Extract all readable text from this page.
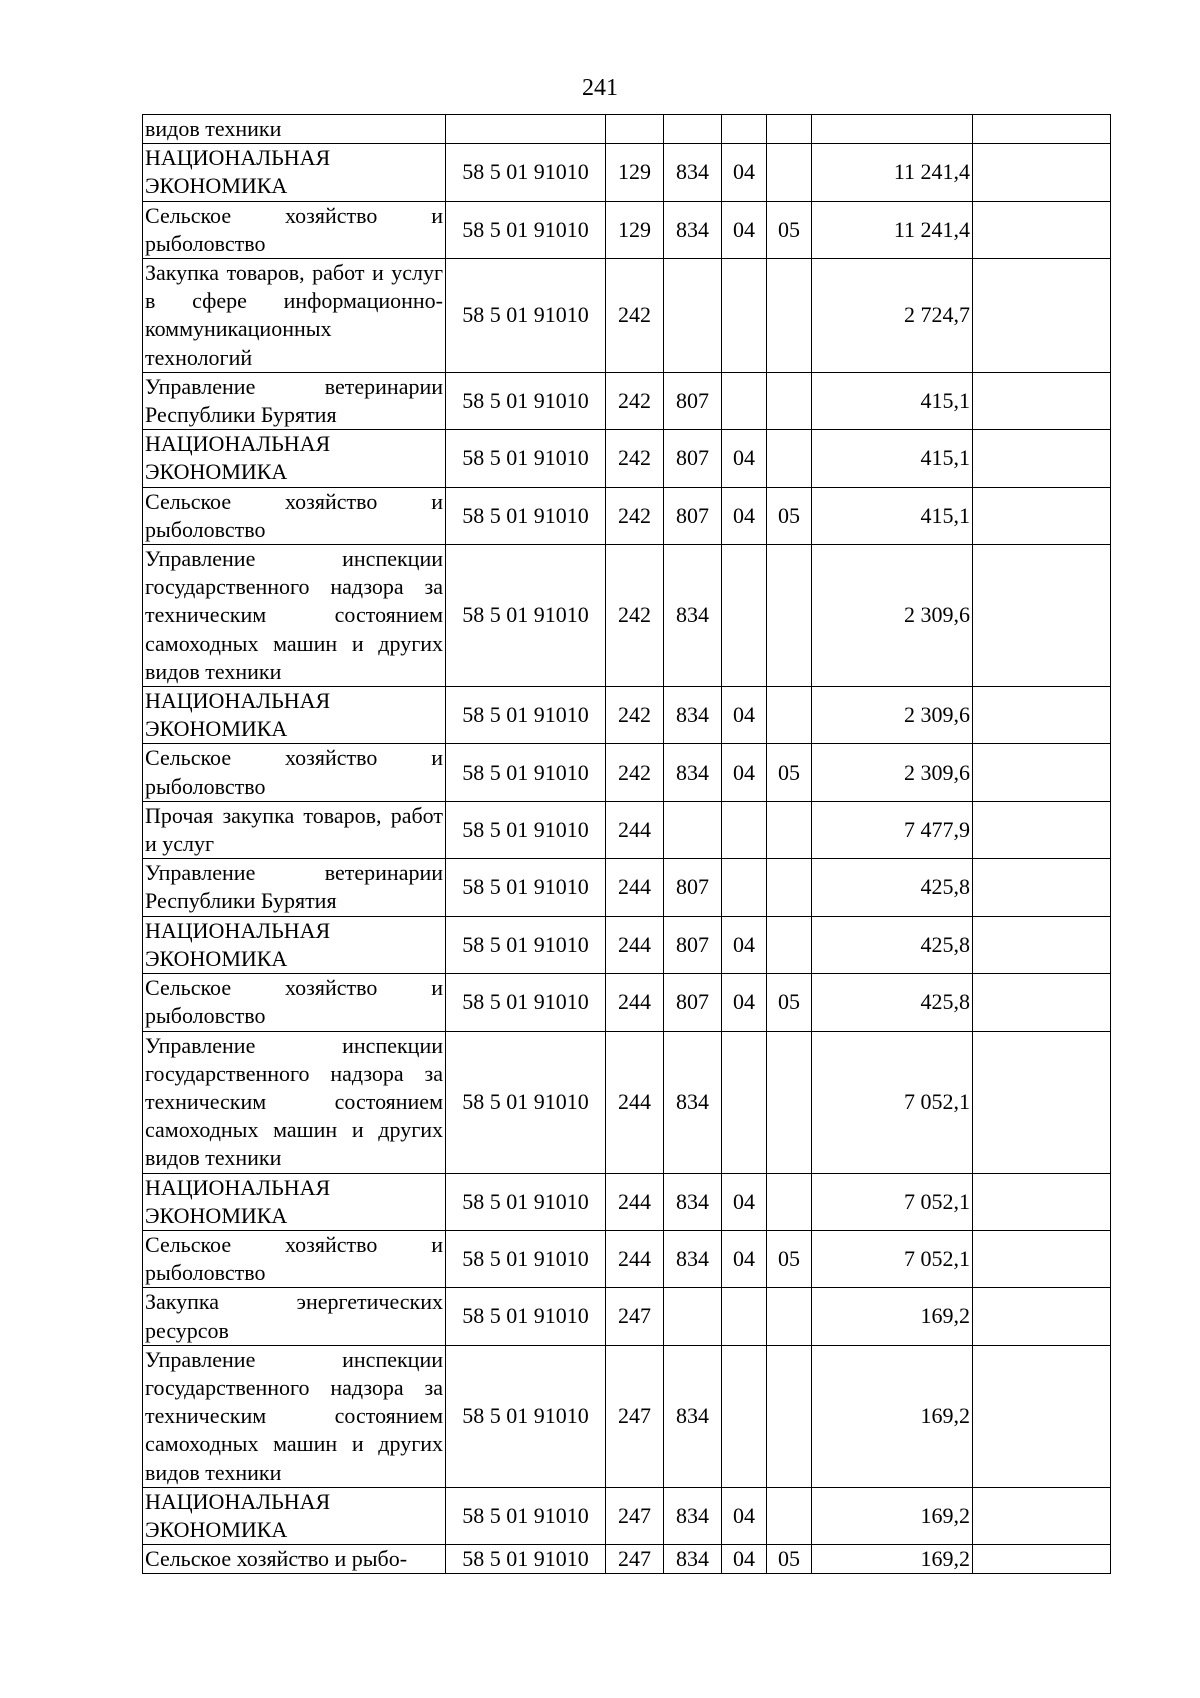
241
видов техники							
НАЦИОНАЛЬНАЯ ЭКОНОМИКА	58 5 01 91010	129	834	04		11 241,4	
Сельское хозяйство и рыболовство	58 5 01 91010	129	834	04	05	11 241,4	
Закупка товаров, работ и услуг в сфере информационно-коммуникационных технологий	58 5 01 91010	242				2 724,7	
Управление ветеринарии Республики Бурятия	58 5 01 91010	242	807			415,1	
НАЦИОНАЛЬНАЯ ЭКОНОМИКА	58 5 01 91010	242	807	04		415,1	
Сельское хозяйство и рыболовство	58 5 01 91010	242	807	04	05	415,1	
Управление инспекции государственного надзора за техническим состоянием самоходных машин и других видов техники	58 5 01 91010	242	834			2 309,6	
НАЦИОНАЛЬНАЯ ЭКОНОМИКА	58 5 01 91010	242	834	04		2 309,6	
Сельское хозяйство и рыболовство	58 5 01 91010	242	834	04	05	2 309,6	
Прочая закупка товаров, работ и услуг	58 5 01 91010	244				7 477,9	
Управление ветеринарии Республики Бурятия	58 5 01 91010	244	807			425,8	
НАЦИОНАЛЬНАЯ ЭКОНОМИКА	58 5 01 91010	244	807	04		425,8	
Сельское хозяйство и рыболовство	58 5 01 91010	244	807	04	05	425,8	
Управление инспекции государственного надзора за техническим состоянием самоходных машин и других видов техники	58 5 01 91010	244	834			7 052,1	
НАЦИОНАЛЬНАЯ ЭКОНОМИКА	58 5 01 91010	244	834	04		7 052,1	
Сельское хозяйство и рыболовство	58 5 01 91010	244	834	04	05	7 052,1	
Закупка энергетических ресурсов	58 5 01 91010	247				169,2	
Управление инспекции государственного надзора за техническим состоянием самоходных машин и других видов техники	58 5 01 91010	247	834			169,2	
НАЦИОНАЛЬНАЯ ЭКОНОМИКА	58 5 01 91010	247	834	04		169,2	
Сельское хозяйство и рыбо-	58 5 01 91010	247	834	04	05	169,2	
